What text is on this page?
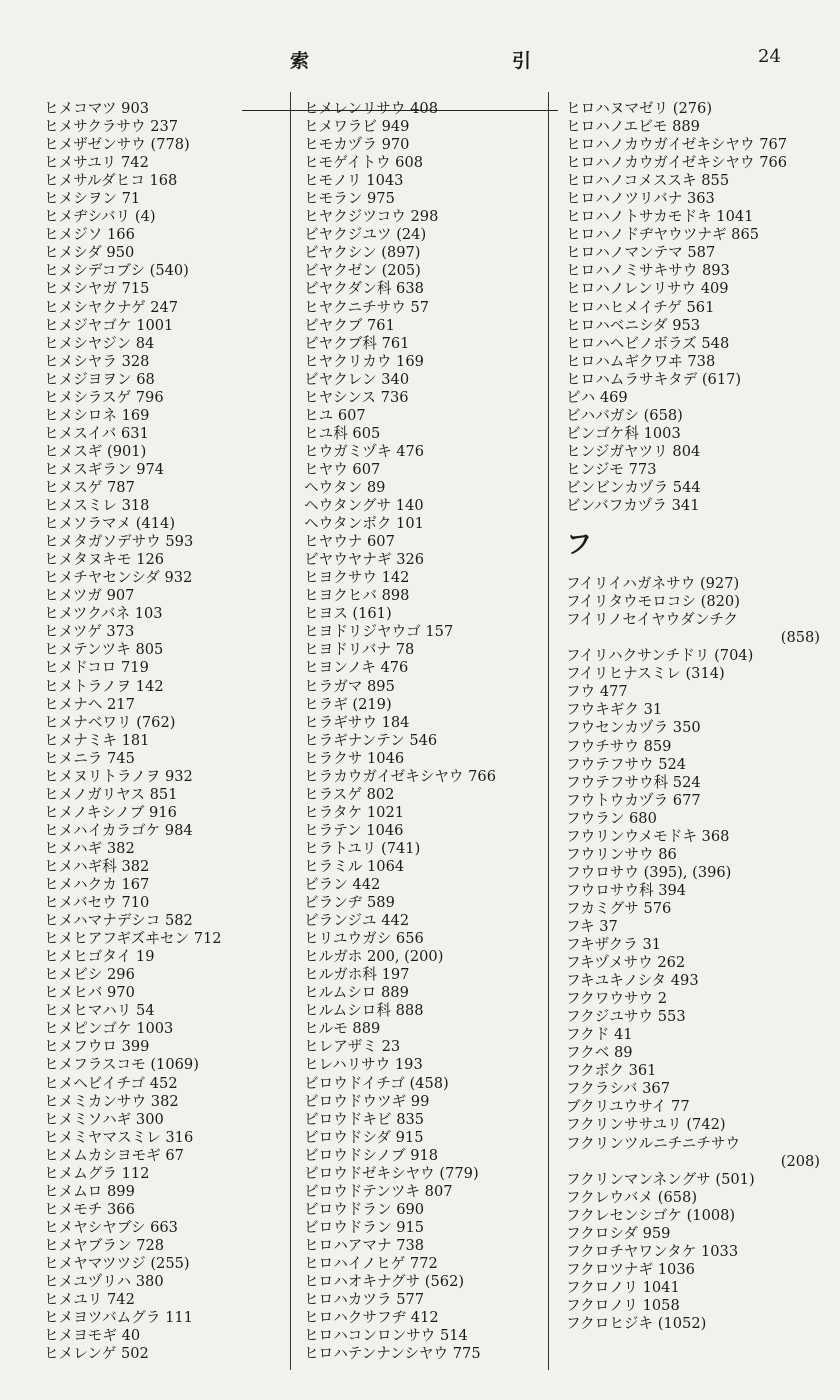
索	引	24
ヒメコマツ 903
ヒメサクラサウ 237
ヒメザゼンサウ (778)
ヒメサユリ 742
ヒメサルダヒコ 168
ヒメシヲン 71
ヒメヂシバリ (4)
ヒメジソ 166
ヒメシダ 950
ヒメシデコブシ (540)
ヒメシヤガ 715
ヒメシヤクナゲ 247
ヒメジヤゴケ 1001
ヒメシヤジン 84
ヒメシヤラ 328
ヒメジヨヲン 68
ヒメシラスゲ 796
ヒメシロネ 169
ヒメスイバ 631
ヒメスギ (901)
ヒメスギラン 974
ヒメスゲ 787
ヒメスミレ 318
ヒメソラマメ (414)
ヒメタガソデサウ 593
ヒメタヌキモ 126
ヒメチヤセンシダ 932
ヒメツガ 907
ヒメツクバネ 103
ヒメツゲ 373
ヒメテンツキ 805
ヒメドコロ 719
ヒメトラノヲ 142
ヒメナヘ 217
ヒメナベワリ (762)
ヒメナミキ 181
ヒメニラ 745
ヒメヌリトラノヲ 932
ヒメノガリヤス 851
ヒメノキシノブ 916
ヒメハイカラゴケ 984
ヒメハギ 382
ヒメハギ科 382
ヒメハクカ 167
ヒメバセウ 710
ヒメハマナデシコ 582
ヒメヒアフギズヰセン 712
ヒメヒゴタイ 19
ヒメビシ 296
ヒメヒバ 970
ヒメヒマハリ 54
ヒメピンゴケ 1003
ヒメフウロ 399
ヒメフラスコモ (1069)
ヒメヘビイチゴ 452
ヒメミカンサウ 382
ヒメミソハギ 300
ヒメミヤマスミレ 316
ヒメムカシヨモギ 67
ヒメムグラ 112
ヒメムロ 899
ヒメモチ 366
ヒメヤシヤブシ 663
ヒメヤブラン 728
ヒメヤマツツジ (255)
ヒメユヅリハ 380
ヒメユリ 742
ヒメヨツバムグラ 111
ヒメヨモギ 40
ヒメレンゲ 502
ヒメレンリサウ 408
ヒメワラビ 949
ヒモカヅラ 970
ヒモゲイトウ 608
ヒモノリ 1043
ヒモラン 975
ヒヤクジツコウ 298
ビヤクジユツ (24)
ビヤクシン (897)
ビヤクゼン (205)
ビヤクダン科 638
ヒヤクニチサウ 57
ビヤクブ 761
ビヤクブ科 761
ヒヤクリカウ 169
ビヤクレン 340
ヒヤシンス 736
ヒユ 607
ヒユ科 605
ヒウガミヅキ 476
ヒヤウ 607
ヘウタン 89
ヘウタングサ 140
ヘウタンボク 101
ヒヤウナ 607
ビヤウヤナギ 326
ヒヨクサウ 142
ヒヨクヒバ 898
ヒヨス (161)
ヒヨドリジヤウゴ 157
ヒヨドリバナ 78
ヒヨンノキ 476
ヒラガマ 895
ヒラギ (219)
ヒラギサウ 184
ヒラギナンテン 546
ヒラクサ 1046
ヒラカウガイゼキシヤウ 766
ヒラスゲ 802
ヒラタケ 1021
ヒラテン 1046
ヒラトユリ (741)
ヒラミル 1064
ビラン 442
ビランヂ 589
ビランジユ 442
ヒリユウガシ 656
ヒルガホ 200, (200)
ヒルガホ科 197
ヒルムシロ 889
ヒルムシロ科 888
ヒルモ 889
ヒレアザミ 23
ヒレハリサウ 193
ビロウドイチゴ (458)
ビロウドウツギ 99
ビロウドキビ 835
ビロウドシダ 915
ビロウドシノブ 918
ビロウドゼキシヤウ (779)
ビロウドテンツキ 807
ビロウドラン 690
ビロウドラン 915
ヒロハアマナ 738
ヒロハイノヒゲ 772
ヒロハオキナグサ (562)
ヒロハカツラ 577
ヒロハクサフヂ 412
ヒロハコンロンサウ 514
ヒロハテンナンシヤウ 775
ヒロハヌマゼリ (276)
ヒロハノエビモ 889
ヒロハノカウガイゼキシヤウ 767
ヒロハノカウガイゼキシヤウ 766
ヒロハノコメススキ 855
ヒロハノツリバナ 363
ヒロハノトサカモドキ 1041
ヒロハノドヂヤウツナギ 865
ヒロハノマンテマ 587
ヒロハノミサキサウ 893
ヒロハノレンリサウ 409
ヒロハヒメイチゲ 561
ヒロハベニシダ 953
ヒロハヘビノボラズ 548
ヒロハムギクワヰ 738
ヒロハムラサキタデ (617)
ビハ 469
ビハバガシ (658)
ビンゴケ科 1003
ヒンジガヤツリ 804
ヒンジモ 773
ビンビンカヅラ 544
ビンバフカヅラ 341
フ
フイリイハガネサウ (927)
フイリタウモロコシ (820)
フイリノセイヤウダンチク
(858)
フイリハクサンチドリ (704)
フイリヒナスミレ (314)
フウ 477
フウキギク 31
フウセンカヅラ 350
フウチサウ 859
フウテフサウ 524
フウテフサウ科 524
フウトウカヅラ 677
フウラン 680
フウリンウメモドキ 368
フウリンサウ 86
フウロサウ (395), (396)
フウロサウ科 394
フカミグサ 576
フキ 37
フキザクラ 31
フキヅメサウ 262
フキユキノシタ 493
フクワウサウ 2
フクジユサウ 553
フクド 41
フクベ 89
フクボク 361
フクラシバ 367
ブクリユウサイ 77
フクリンササユリ (742)
フクリンツルニチニチサウ
(208)
フクリンマンネングサ (501)
フクレウバメ (658)
フクレセンシゴケ (1008)
フクロシダ 959
フクロチヤワンタケ 1033
フクロツナギ 1036
フクロノリ 1041
フクロノリ 1058
フクロヒジキ (1052)
